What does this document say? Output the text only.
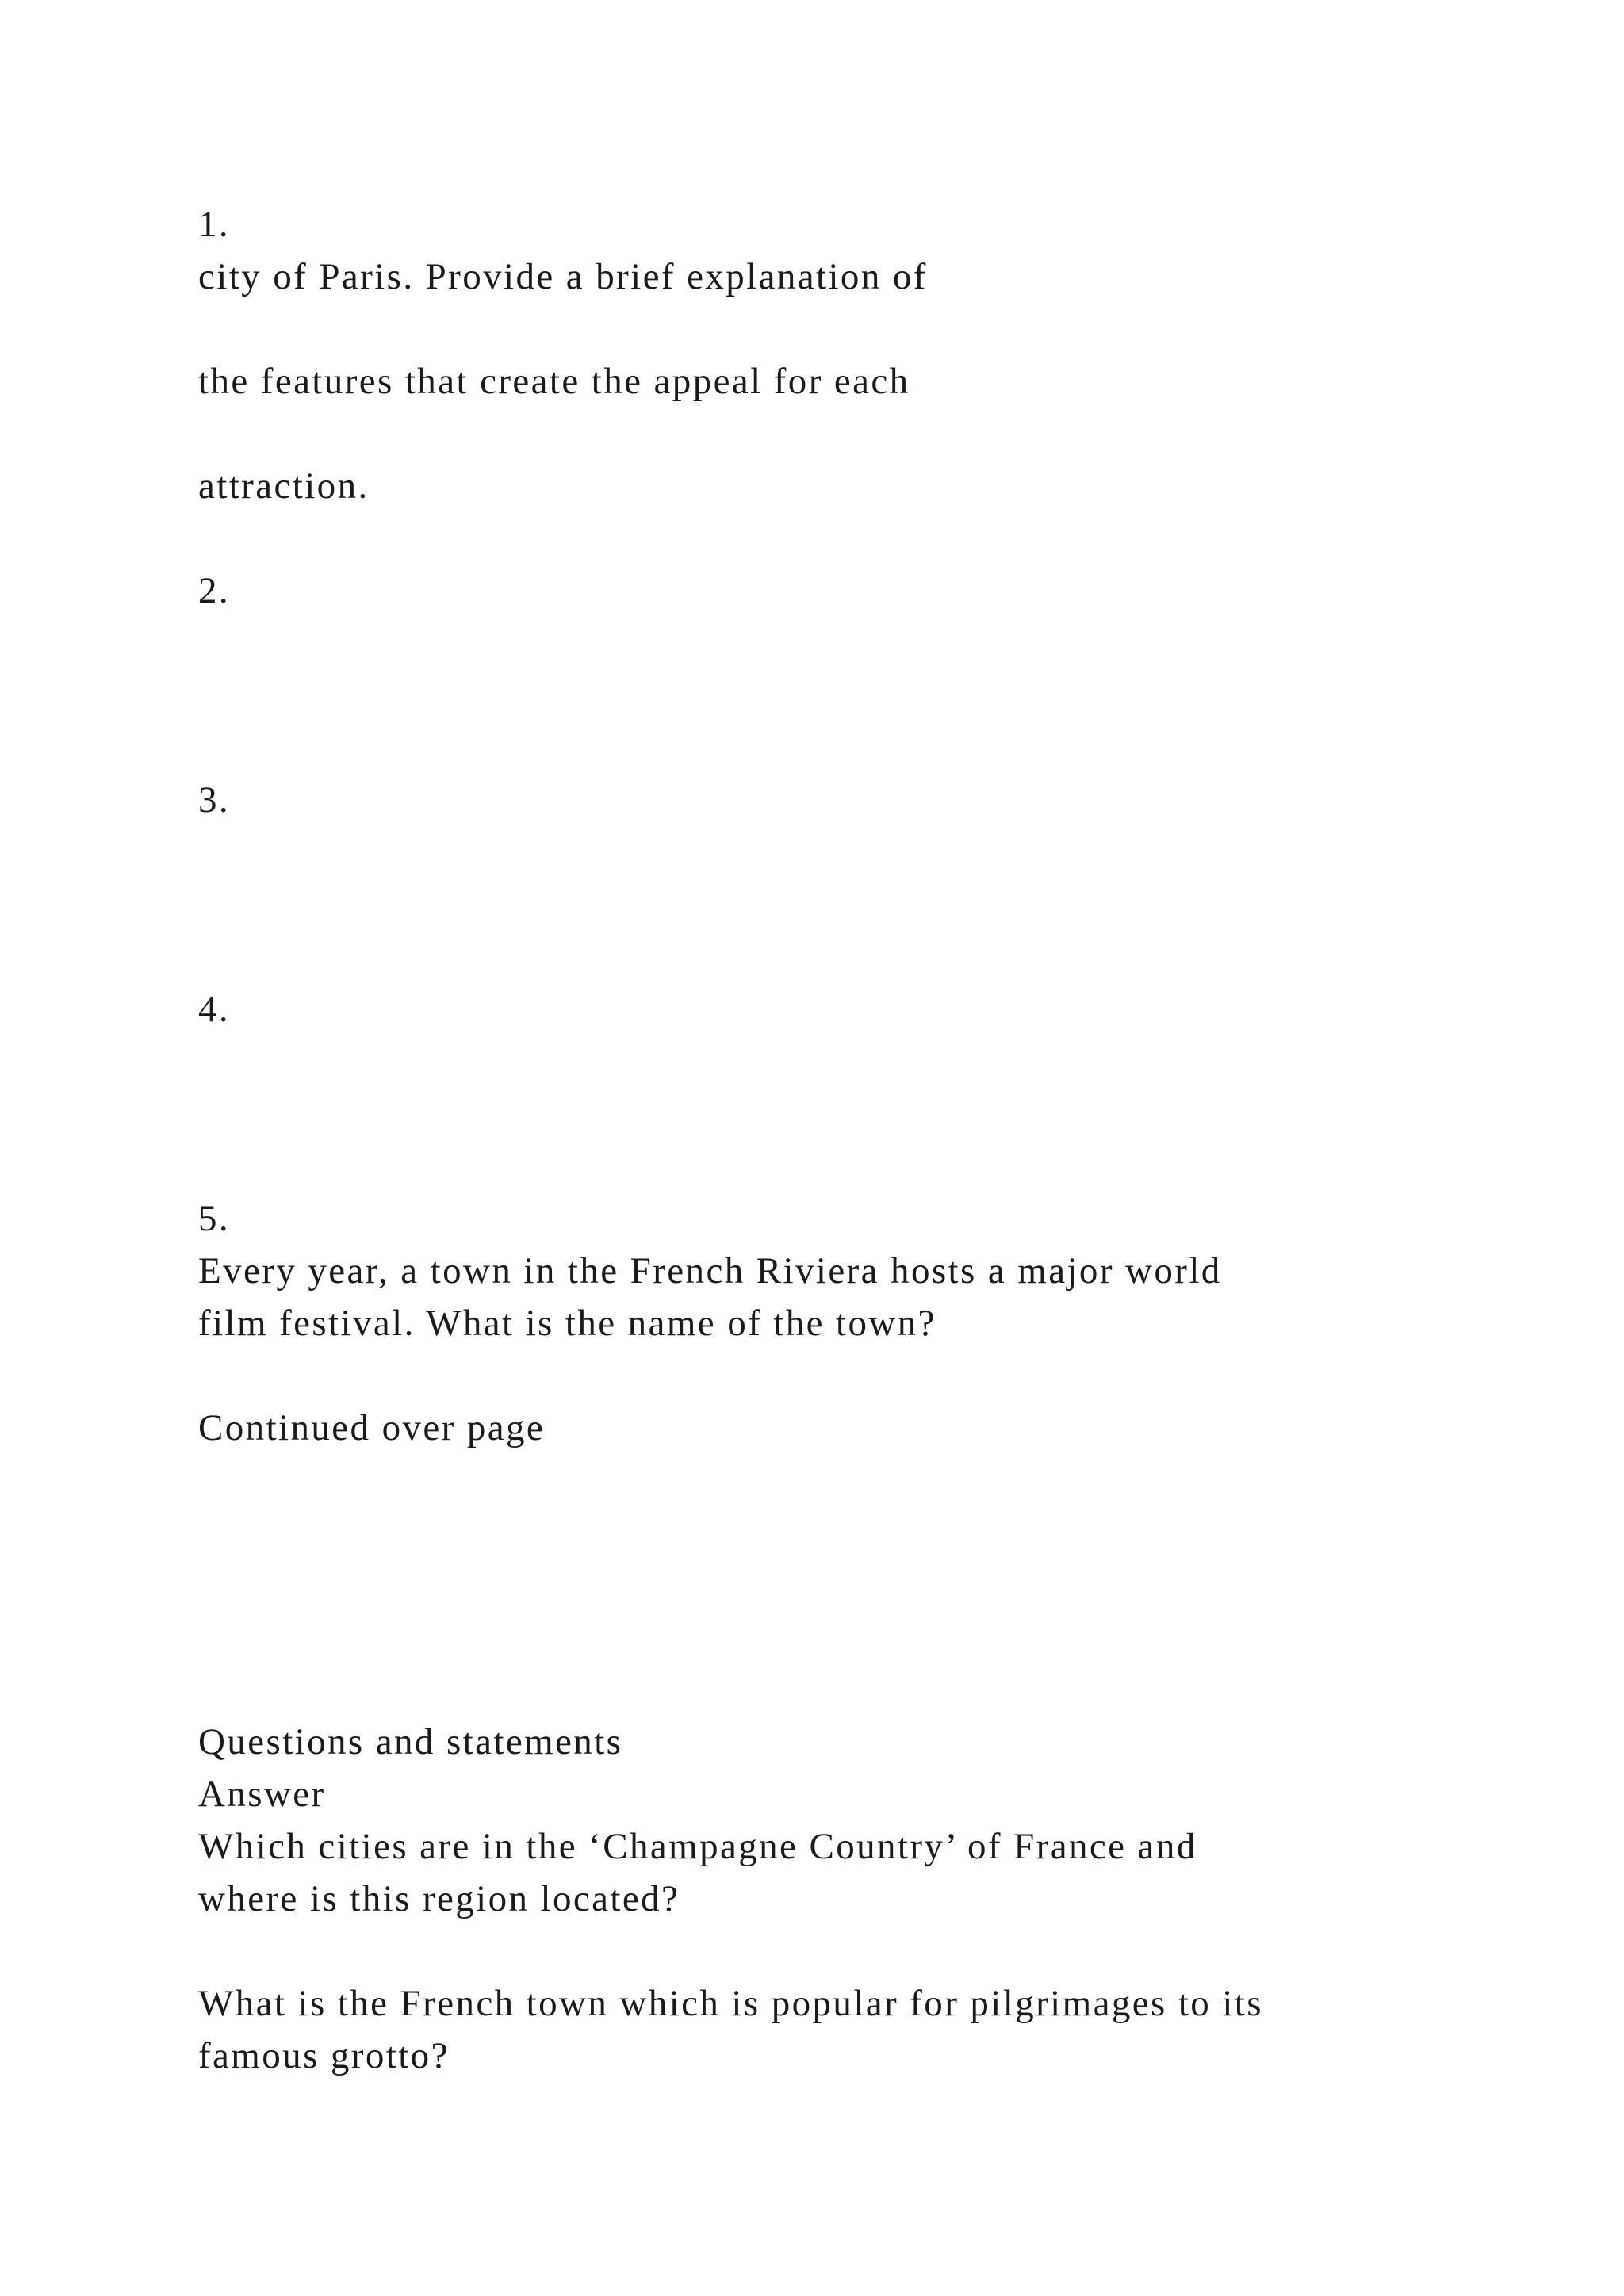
1.
city of Paris. Provide a brief explanation of
the features that create the appeal for each
attraction.
2.
3.
4.
5.
Every year, a town in the French Riviera hosts a major world
film festival. What is the name of the town?
Continued over page
Questions and statements
Answer
Which cities are in the ‘Champagne Country’ of France and
where is this region located?
What is the French town which is popular for pilgrimages to its
famous grotto?
